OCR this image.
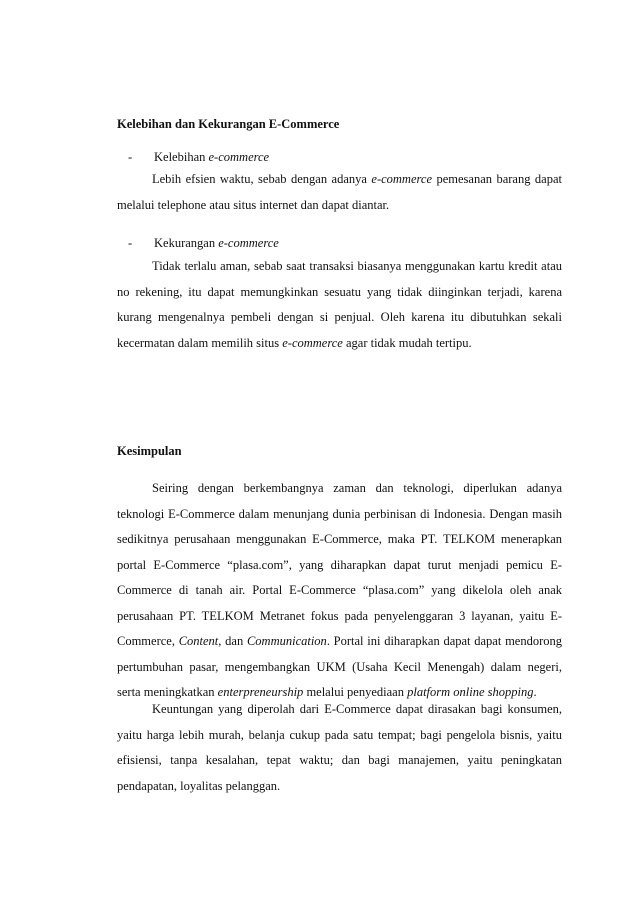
Kelebihan dan Kekurangan E-Commerce
- Kelebihan e-commerce

Lebih efsien waktu, sebab dengan adanya e-commerce pemesanan barang dapat melalui telephone atau situs internet dan dapat diantar.

- Kekurangan e-commerce

Tidak terlalu aman, sebab saat transaksi biasanya menggunakan kartu kredit atau no rekening, itu dapat memungkinkan sesuatu yang tidak diinginkan terjadi, karena kurang mengenalnya pembeli dengan si penjual. Oleh karena itu dibutuhkan sekali kecermatan dalam memilih situs e-commerce agar tidak mudah tertipu.

Kesimpulan

Seiring dengan berkembangnya zaman dan teknologi, diperlukan adanya teknologi E-Commerce dalam menunjang dunia perbinisan di Indonesia. Dengan masih sedikitnya perusahaan menggunakan E-Commerce, maka PT. TELKOM menerapkan portal E-Commerce “plasa.com”, yang diharapkan dapat turut menjadi pemicu E-Commerce di tanah air. Portal E-Commerce “plasa.com” yang dikelola oleh anak perusahaan PT. TELKOM Metranet fokus pada penyelenggaran 3 layanan, yaitu E-Commerce, Content, dan Communication. Portal ini diharapkan dapat dapat mendorong pertumbuhan pasar, mengembangkan UKM (Usaha Kecil Menengah) dalam negeri, serta meningkatkan enterpreneurship melalui penyediaan platform online shopping.

Keuntungan yang diperolah dari E-Commerce dapat dirasakan bagi konsumen, yaitu harga lebih murah, belanja cukup pada satu tempat; bagi pengelola bisnis, yaitu efisiensi, tanpa kesalahan, tepat waktu; dan bagi manajemen, yaitu peningkatan pendapatan, loyalitas pelanggan.
